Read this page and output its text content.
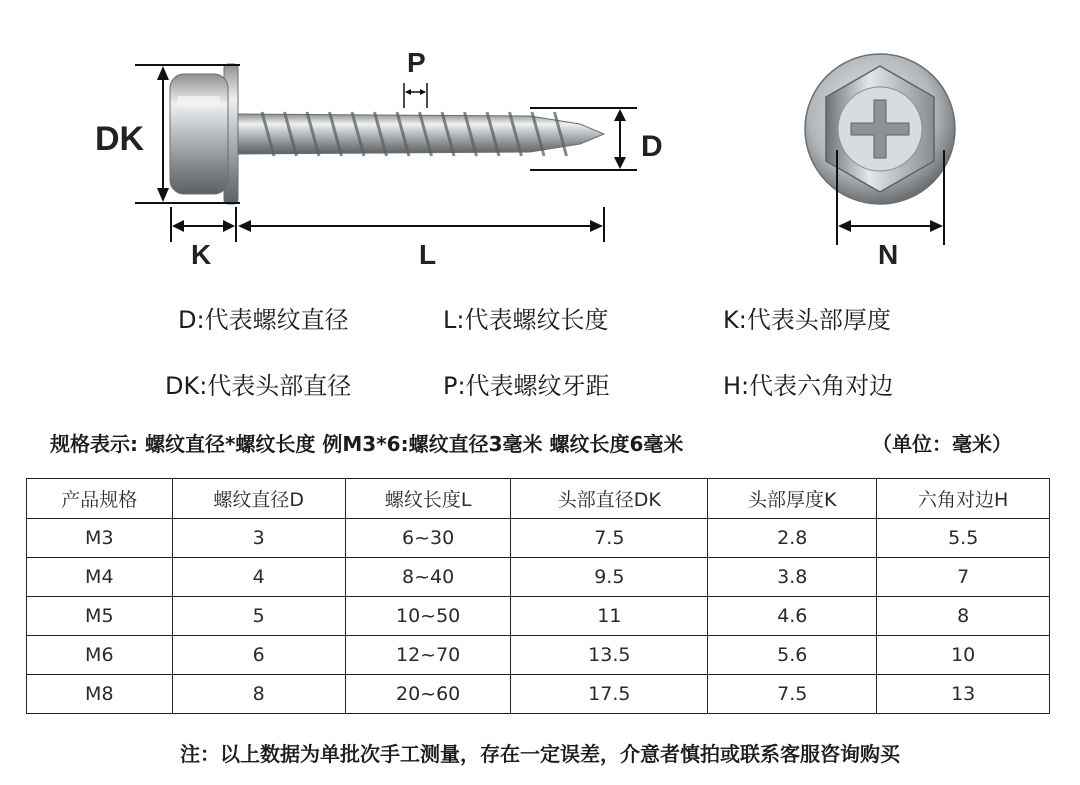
DK
K	L
P
D
N
D:代表螺纹直径	L:代表螺纹长度	K:代表头部厚度
DK:代表头部直径	P:代表螺纹牙距	H:代表六角对边
规格表示: 螺纹直径*螺纹长度 例M3*6:螺纹直径3毫米 螺纹长度6毫米	（单位：毫米）
产品规格	螺纹直径D	螺纹长度L	头部直径DK	头部厚度K	六角对边H
M3	3	6~30	7.5	2.8	5.5
M4	4	8~40	9.5	3.8	7
M5	5	10~50	11	4.6	8
M6	6	12~70	13.5	5.6	10
M8	8	20~60	17.5	7.5	13
注：以上数据为单批次手工测量，存在一定误差，介意者慎拍或联系客服咨询购买
